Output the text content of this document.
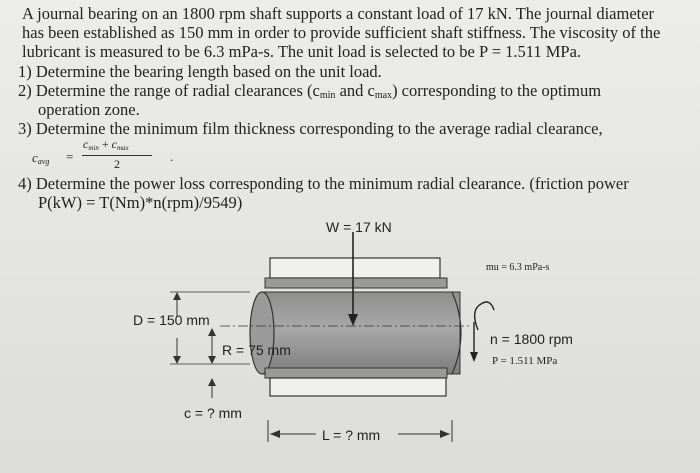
A journal bearing on an 1800 rpm shaft supports a constant load of 17 kN. The journal diameter
has been established as 150 mm in order to provide sufficient shaft stiffness. The viscosity of the
lubricant is measured to be 6.3 mPa-s. The unit load is selected to be P = 1.511 MPa.
1) Determine the bearing length based on the unit load.
2) Determine the range of radial clearances ($c_{min}$ and $c_{max}$) corresponding to the optimum
operation zone.
3) Determine the minimum film thickness corresponding to the average radial clearance,
$c_{avg}$ =
$c_{min} + c_{max}$
2	.
4) Determine the power loss corresponding to the minimum radial clearance. (friction power
P(kW) = T(Nm)*n(rpm)/9549)
W = 17 kN
mu = 6.3 mPa-s
D = 150 mm
R = 75 mm
c = ? mm
n = 1800 rpm
P = 1.511 MPa
L = ? mm
